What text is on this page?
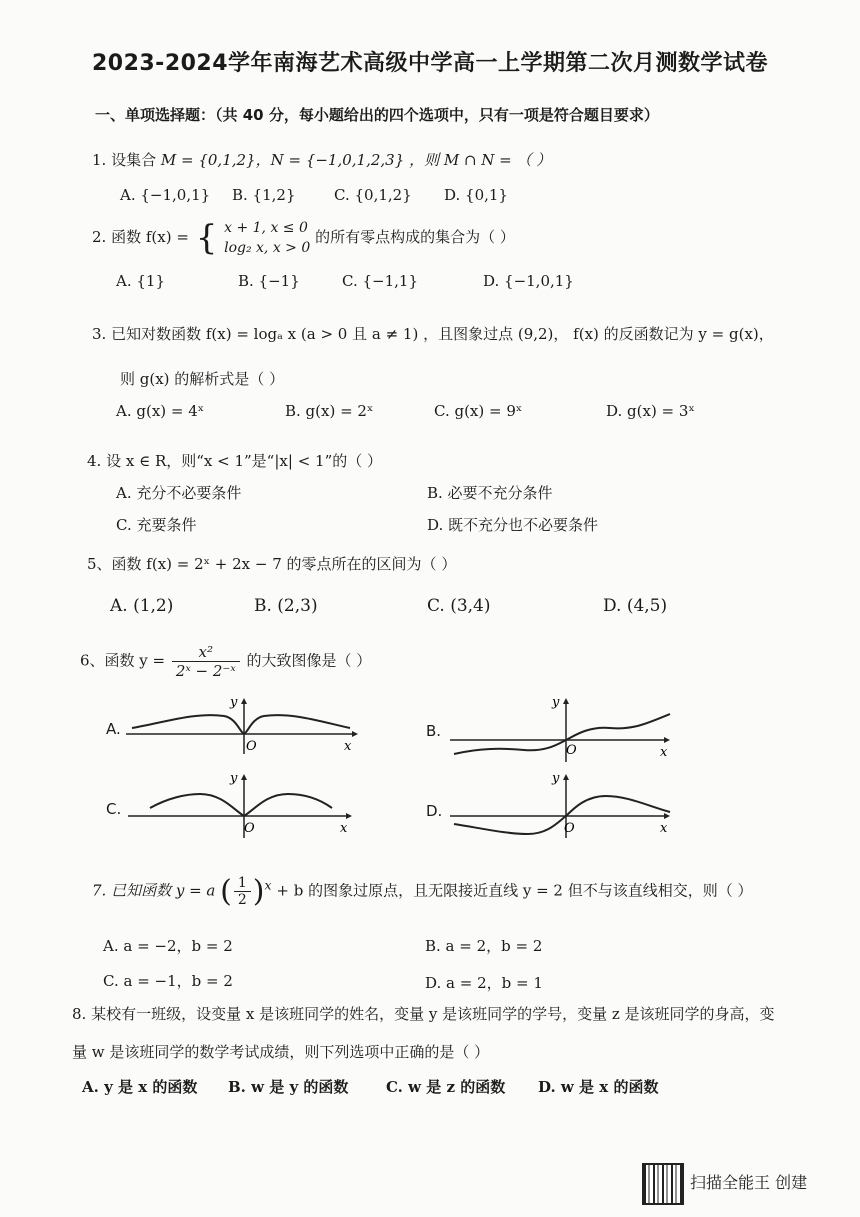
2023-2024学年南海艺术高级中学高一上学期第二次月测数学试卷
一、单项选择题：（共 40 分，每小题给出的四个选项中，只有一项是符合题目要求）
1. 设集合 M = {0,1,2}，N = {−1,0,1,2,3} ，则 M ∩ N = （ ）
A. {−1,0,1} B. {1,2}	C. {0,1,2} D. {0,1}
2. 函数 f(x) = { x + 1, x ≤ 0
log₂ x, x > 0
的所有零点构成的集合为（ ）
A. {1}	B. {−1}	C. {−1,1}	D. {−1,0,1}
3. 已知对数函数 f(x) = logₐ x (a > 0 且 a ≠ 1) ，且图象过点 (9,2)， f(x) 的反函数记为 y = g(x)，
则 g(x) 的解析式是（ ）
A. g(x) = 4ˣ	B. g(x) = 2ˣ	C. g(x) = 9ˣ	D. g(x) = 3ˣ
4. 设 x ∈ R，则“x < 1”是“|x| < 1”的（ ）
A. 充分不必要条件	B. 必要不充分条件
C. 充要条件	D. 既不充分也不必要条件
5、函数 f(x) = 2ˣ + 2x − 7 的零点所在的区间为（ ）
A. (1,2)	B. (2,3)	C. (3,4)	D. (4,5)
6、函数 $y = \frac{\text{x²}}{\text{2ˣ − 2⁻ˣ}}$ 的大致图像是（ ）
A.
y
O	x
B.
y
O	x
C.
y
O	x
D.
y
O	x
7. 已知函数 y = a ( $\frac{1}{2} )^x + b$ 的图象过原点，且无限接近直线 y = 2 但不与该直线相交，则（ ）
A. a = −2，b = 2	B. a = 2，b = 2
C. a = −1，b = 2	D. a = 2，b = 1
8. 某校有一班级，设变量 x 是该班同学的姓名，变量 y 是该班同学的学号，变量 z 是该班同学的身高，变
量 w 是该班同学的数学考试成绩，则下列选项中正确的是（ ）
A. y 是 x 的函数 B. w 是 y 的函数	C. w 是 z 的函数 D. w 是 x 的函数
扫描全能王 创建
